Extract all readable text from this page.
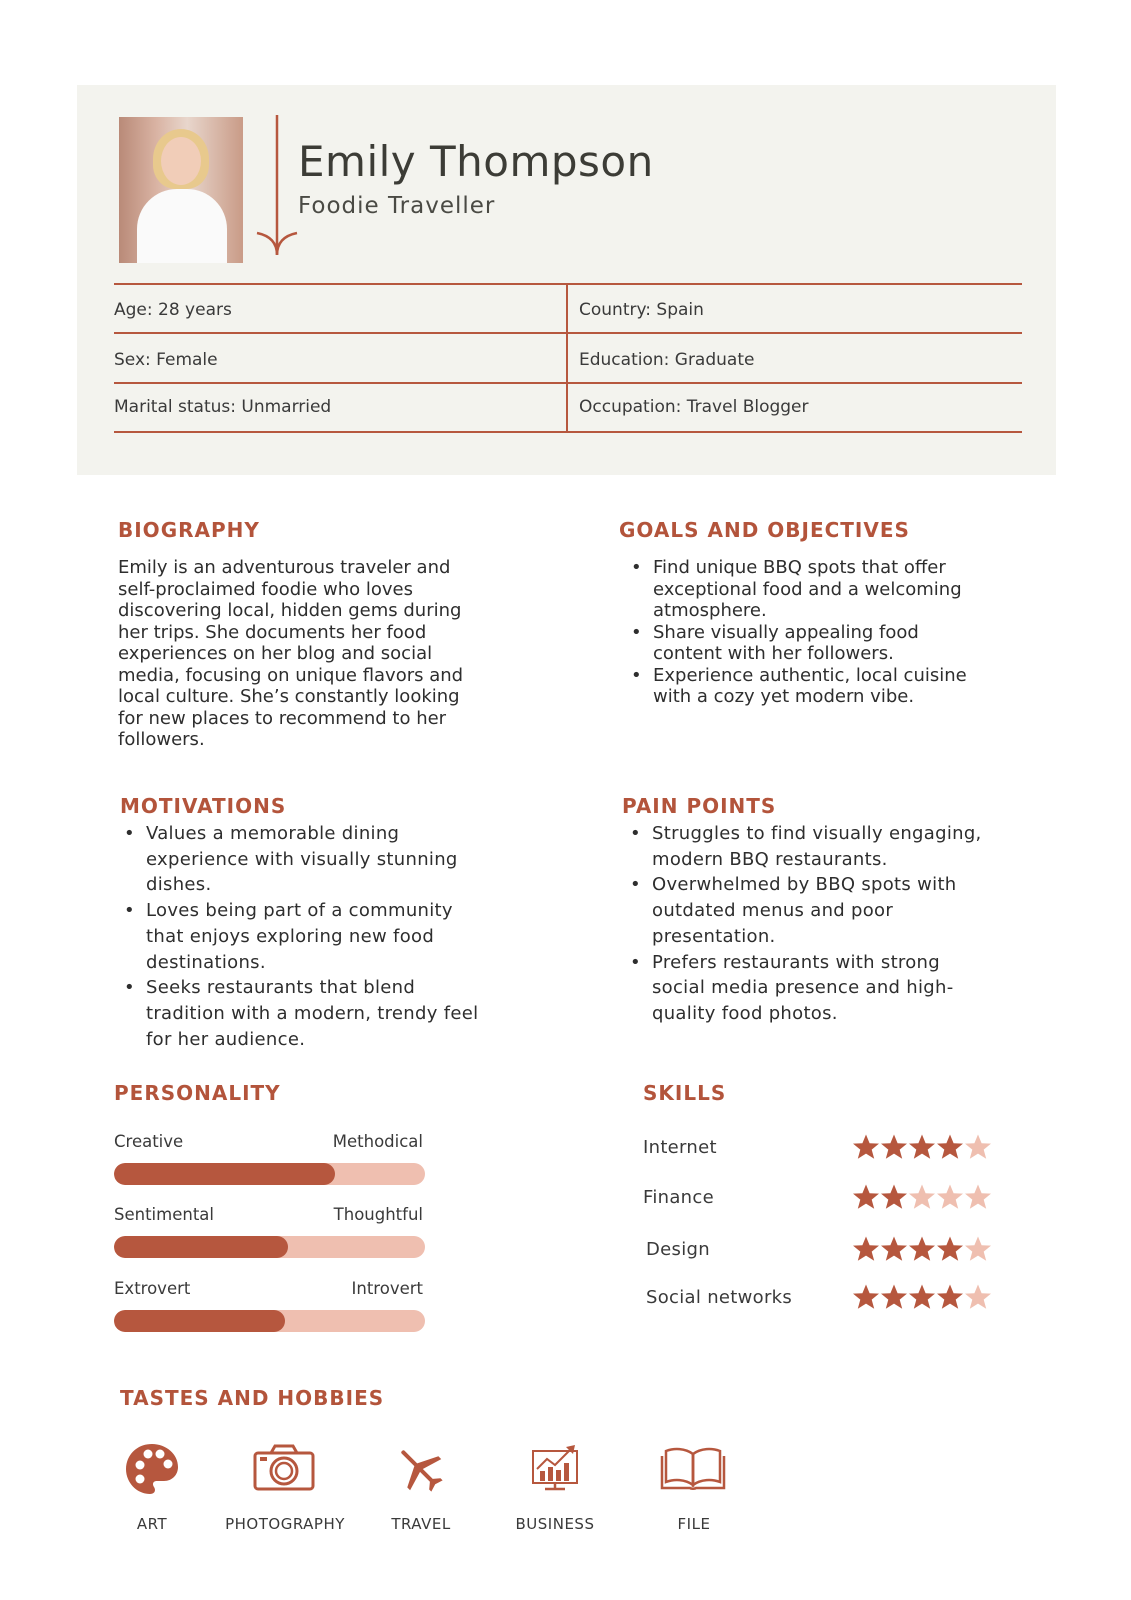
Emily Thompson
Foodie Traveller
Age: 28 years	Country: Spain
Sex: Female	Education: Graduate
Marital status: Unmarried	Occupation: Travel Blogger
BIOGRAPHY
Emily is an adventurous traveler and
self-proclaimed foodie who loves
discovering local, hidden gems during
her trips. She documents her food
experiences on her blog and social
media, focusing on unique flavors and
local culture. She’s constantly looking
for new places to recommend to her
followers.
GOALS AND OBJECTIVES
• Find unique BBQ spots that offer
exceptional food and a welcoming
atmosphere.
• Share visually appealing food
content with her followers.
• Experience authentic, local cuisine
with a cozy yet modern vibe.
MOTIVATIONS
• Values a memorable dining
experience with visually stunning
dishes.
• Loves being part of a community
that enjoys exploring new food
destinations.
• Seeks restaurants that blend
tradition with a modern, trendy feel
for her audience.
PAIN POINTS
• Struggles to find visually engaging,
modern BBQ restaurants.
• Overwhelmed by BBQ spots with
outdated menus and poor
presentation.
• Prefers restaurants with strong
social media presence and high-
quality food photos.
PERSONALITY
Creative	Methodical
Sentimental	Thoughtful
Extrovert	Introvert
SKILLS
Internet
Finance
Design
Social networks
TASTES AND HOBBIES
ART	PHOTOGRAPHY	TRAVEL	BUSINESS	FILE
